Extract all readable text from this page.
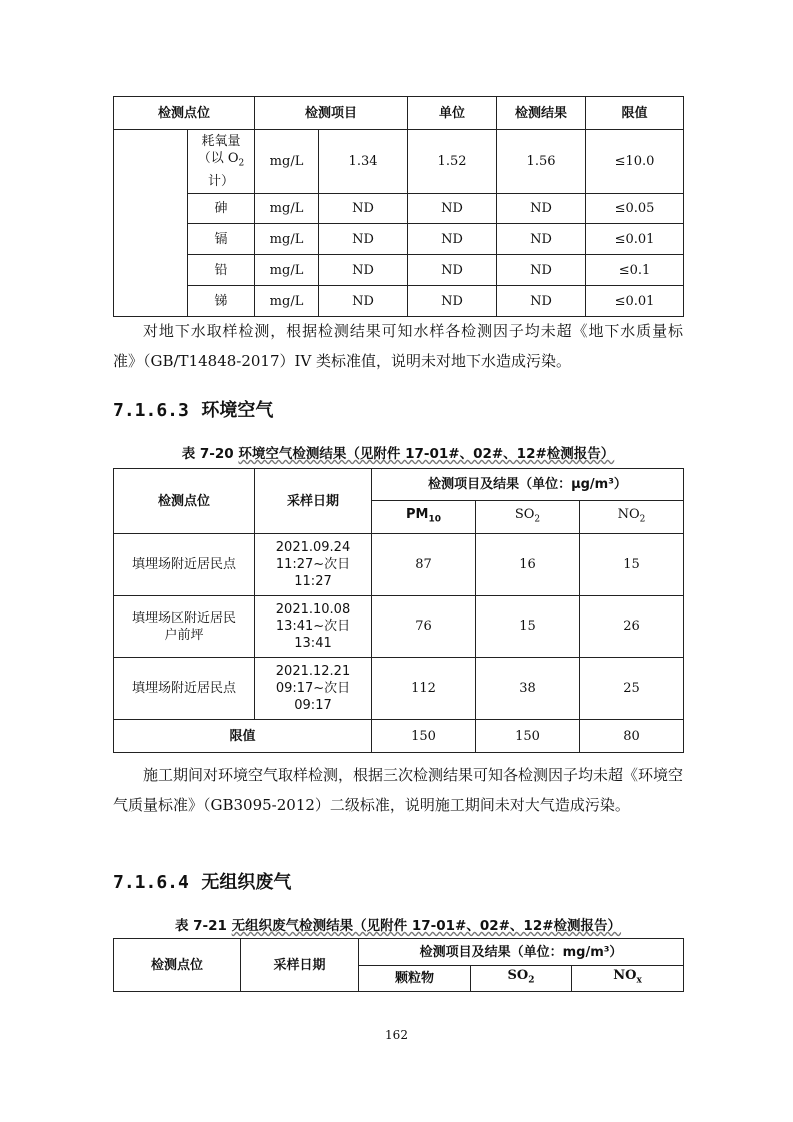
检测点位		检测项目		单位	检测结果	限值

	耗氧量
（以 $O_2$
计）	mg/L	1.34	1.52	1.56	≤10.0
	砷	mg/L	ND	ND	ND	≤0.05
	镉	mg/L	ND	ND	ND	≤0.01
	铅	mg/L	ND	ND	ND	≤0.1
	锑	mg/L	ND	ND	ND	≤0.01
对地下水取样检测，根据检测结果可知水样各检测因子均未超《地下水质量标准》（GB/T14848-2017）IV 类标准值，说明未对地下水造成污染。
7.1.6.3 环境空气
表 7-20 环境空气检测结果（见附件 17-01#、02#、12#检测报告）
检测点位	采样日期	检测项目及结果（单位：μg/m³）		
		$PM_{10}$	$SO_2$	$NO_2$
填埋场附近居民点	2021.09.24
11:27~次日
11:27	87	16	15
填埋场区附近居民户前坪	2021.10.08
13:41~次日
13:41	76	15	26
填埋场附近居民点	2021.12.21
09:17~次日
09:17	112	38	25
限值		150	150	80
施工期间对环境空气取样检测，根据三次检测结果可知各检测因子均未超《环境空气质量标准》（GB3095-2012）二级标准，说明施工期间未对大气造成污染。
7.1.6.4 无组织废气
表 7-21 无组织废气检测结果（见附件 17-01#、02#、12#检测报告）
检测点位	采样日期	检测项目及结果（单位：mg/m³）		
		颗粒物	$SO_2$	$NO_x$
162
